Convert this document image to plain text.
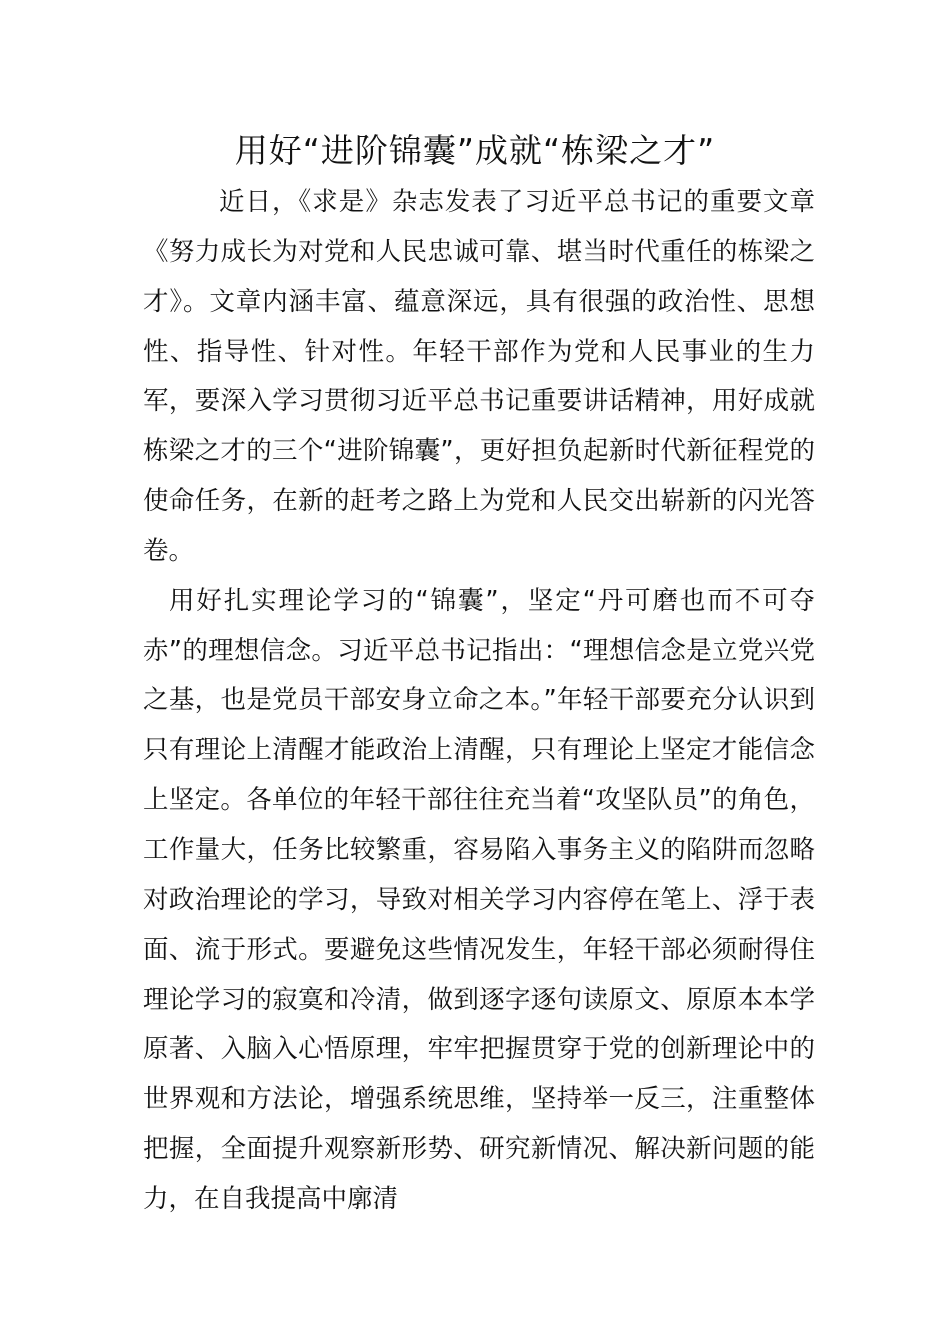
用好“进阶锦囊”成就“栋梁之才”

近日，《求是》杂志发表了习近平总书记的重要文章《努力成长为对党和人民忠诚可靠、堪当时代重任的栋梁之才》。文章内涵丰富、蕴意深远，具有很强的政治性、思想性、指导性、针对性。年轻干部作为党和人民事业的生力军，要深入学习贯彻习近平总书记重要讲话精神，用好成就栋梁之才的三个“进阶锦囊”，更好担负起新时代新征程党的使命任务，在新的赶考之路上为党和人民交出崭新的闪光答卷。

用好扎实理论学习的“锦囊”，坚定“丹可磨也而不可夺赤”的理想信念。习近平总书记指出：“理想信念是立党兴党之基，也是党员干部安身立命之本。”年轻干部要充分认识到只有理论上清醒才能政治上清醒，只有理论上坚定才能信念上坚定。各单位的年轻干部往往充当着“攻坚队员”的角色，工作量大，任务比较繁重，容易陷入事务主义的陷阱而忽略对政治理论的学习，导致对相关学习内容停在笔上、浮于表面、流于形式。要避免这些情况发生，年轻干部必须耐得住理论学习的寂寞和冷清，做到逐字逐句读原文、原原本本学原著、入脑入心悟原理，牢牢把握贯穿于党的创新理论中的世界观和方法论，增强系统思维，坚持举一反三，注重整体把握，全面提升观察新形势、研究新情况、解决新问题的能力，在自我提高中廓清
